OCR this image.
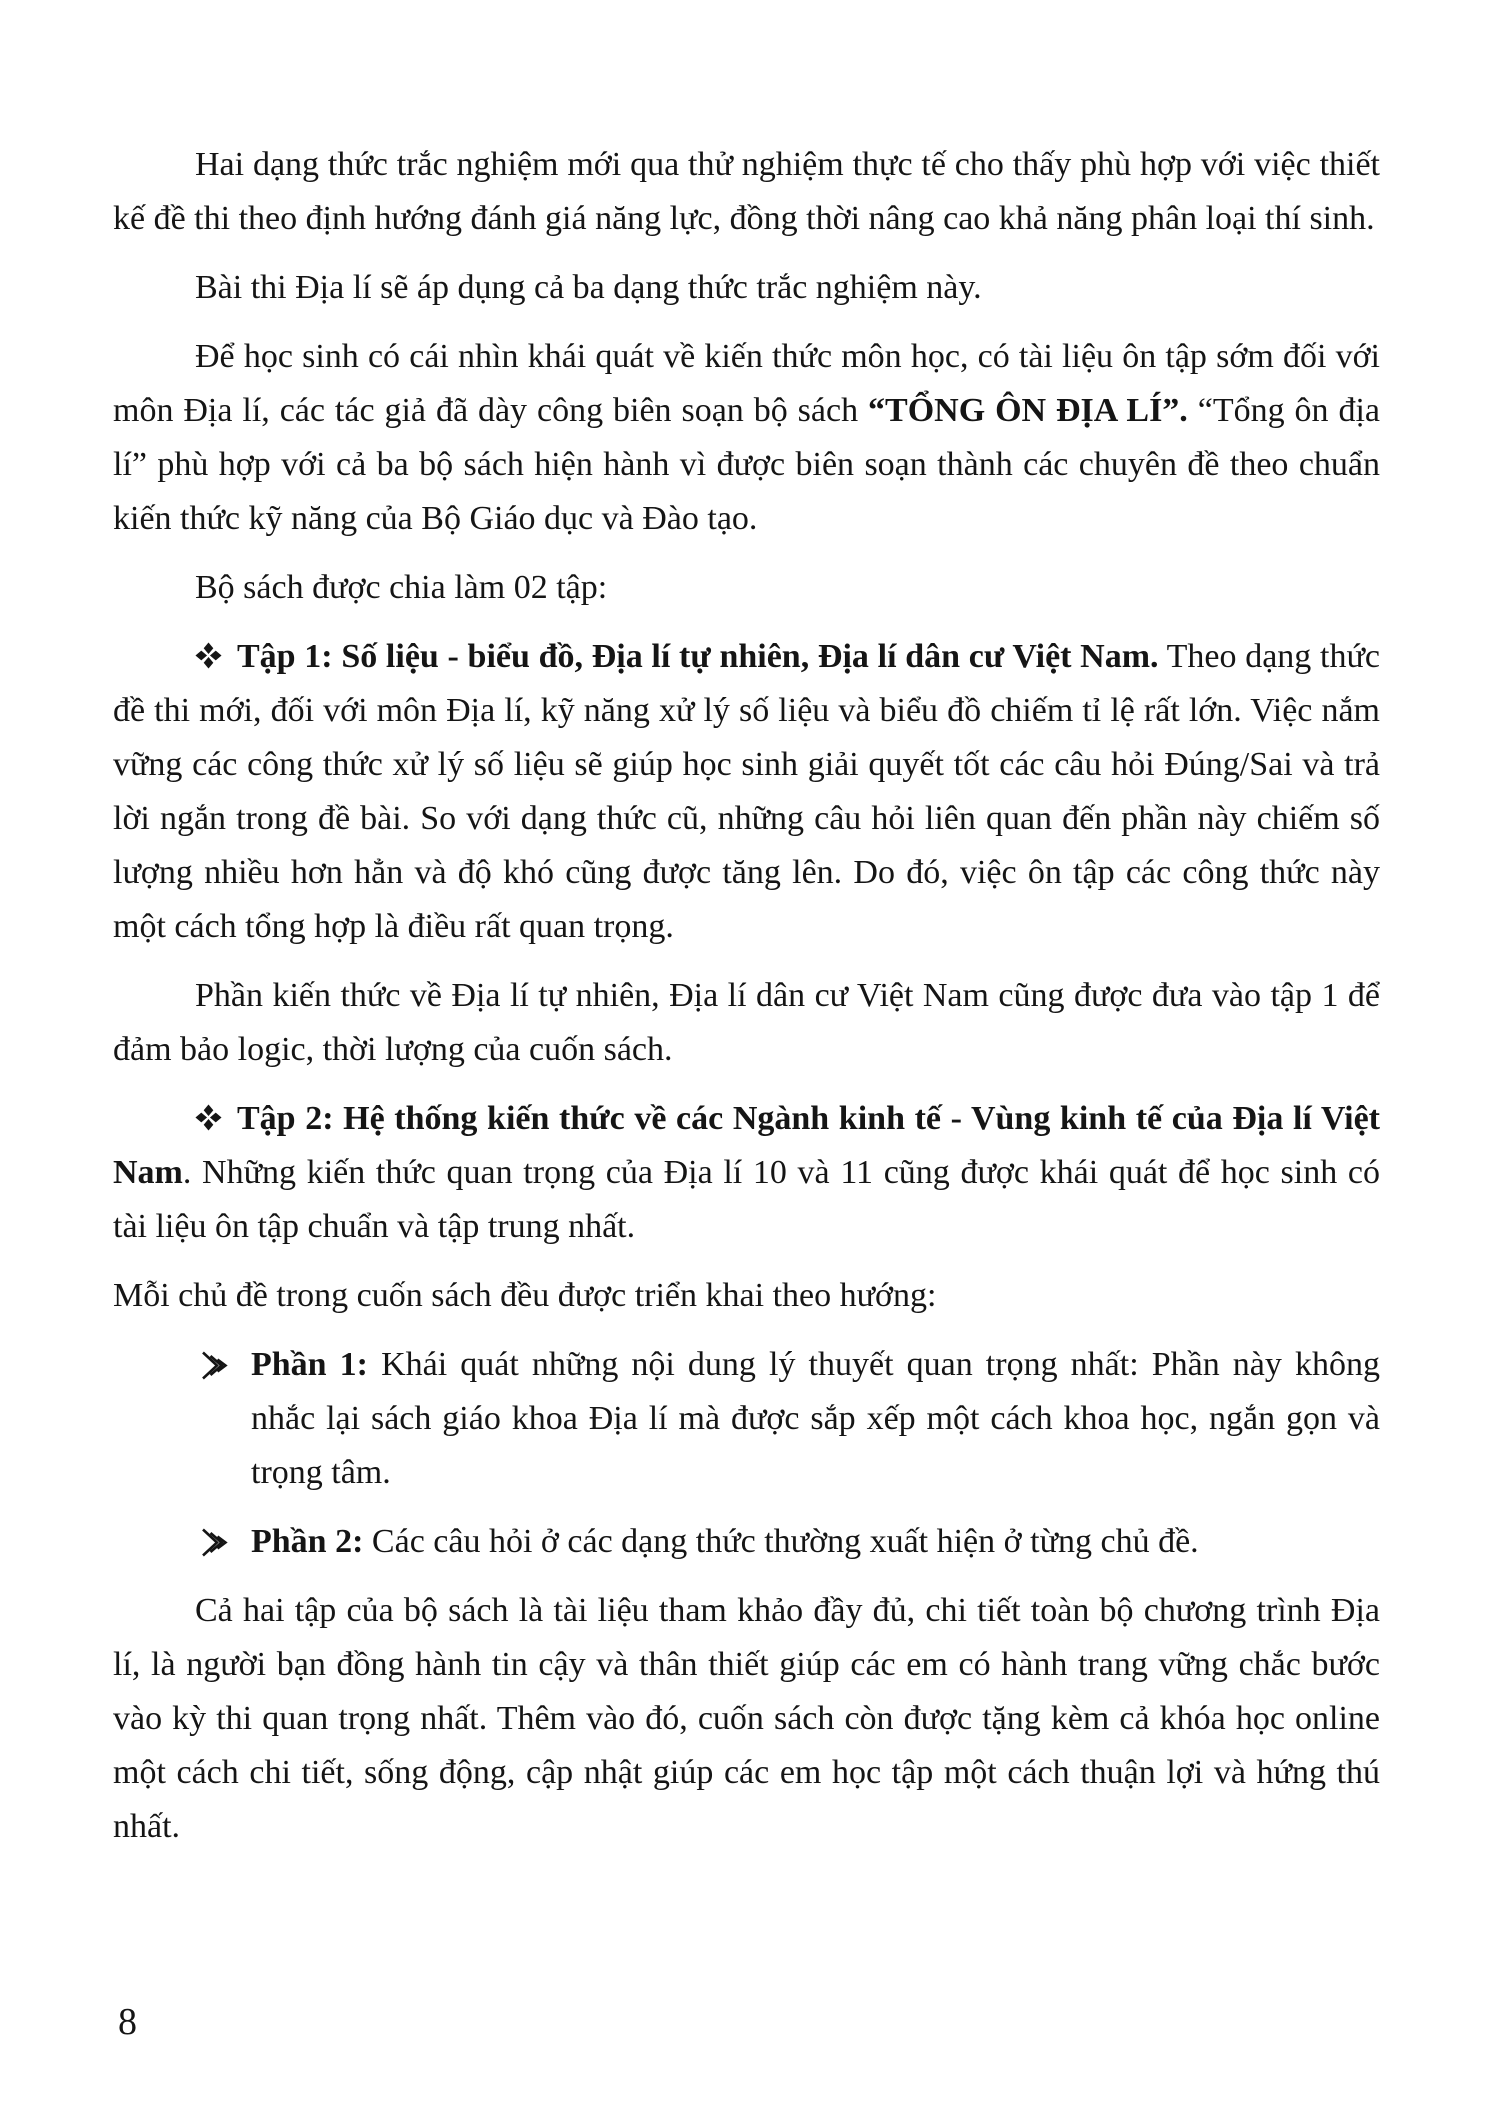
Hai dạng thức trắc nghiệm mới qua thử nghiệm thực tế cho thấy phù hợp với việc thiết kế đề thi theo định hướng đánh giá năng lực, đồng thời nâng cao khả năng phân loại thí sinh.

Bài thi Địa lí sẽ áp dụng cả ba dạng thức trắc nghiệm này.

Để học sinh có cái nhìn khái quát về kiến thức môn học, có tài liệu ôn tập sớm đối với môn Địa lí, các tác giả đã dày công biên soạn bộ sách “TỔNG ÔN ĐỊA LÍ”. “Tổng ôn địa lí” phù hợp với cả ba bộ sách hiện hành vì được biên soạn thành các chuyên đề theo chuẩn kiến thức kỹ năng của Bộ Giáo dục và Đào tạo.

Bộ sách được chia làm 02 tập:

Tập 1: Số liệu - biểu đồ, Địa lí tự nhiên, Địa lí dân cư Việt Nam. Theo dạng thức đề thi mới, đối với môn Địa lí, kỹ năng xử lý số liệu và biểu đồ chiếm tỉ lệ rất lớn. Việc nắm vững các công thức xử lý số liệu sẽ giúp học sinh giải quyết tốt các câu hỏi Đúng/Sai và trả lời ngắn trong đề bài. So với dạng thức cũ, những câu hỏi liên quan đến phần này chiếm số lượng nhiều hơn hẳn và độ khó cũng được tăng lên. Do đó, việc ôn tập các công thức này một cách tổng hợp là điều rất quan trọng.

Phần kiến thức về Địa lí tự nhiên, Địa lí dân cư Việt Nam cũng được đưa vào tập 1 để đảm bảo logic, thời lượng của cuốn sách.

Tập 2: Hệ thống kiến thức về các Ngành kinh tế - Vùng kinh tế của Địa lí Việt Nam. Những kiến thức quan trọng của Địa lí 10 và 11 cũng được khái quát để học sinh có tài liệu ôn tập chuẩn và tập trung nhất.

Mỗi chủ đề trong cuốn sách đều được triển khai theo hướng:

Phần 1: Khái quát những nội dung lý thuyết quan trọng nhất: Phần này không nhắc lại sách giáo khoa Địa lí mà được sắp xếp một cách khoa học, ngắn gọn và trọng tâm.

Phần 2: Các câu hỏi ở các dạng thức thường xuất hiện ở từng chủ đề.

Cả hai tập của bộ sách là tài liệu tham khảo đầy đủ, chi tiết toàn bộ chương trình Địa lí, là người bạn đồng hành tin cậy và thân thiết giúp các em có hành trang vững chắc bước vào kỳ thi quan trọng nhất. Thêm vào đó, cuốn sách còn được tặng kèm cả khóa học online một cách chi tiết, sống động, cập nhật giúp các em học tập một cách thuận lợi và hứng thú nhất.

8
